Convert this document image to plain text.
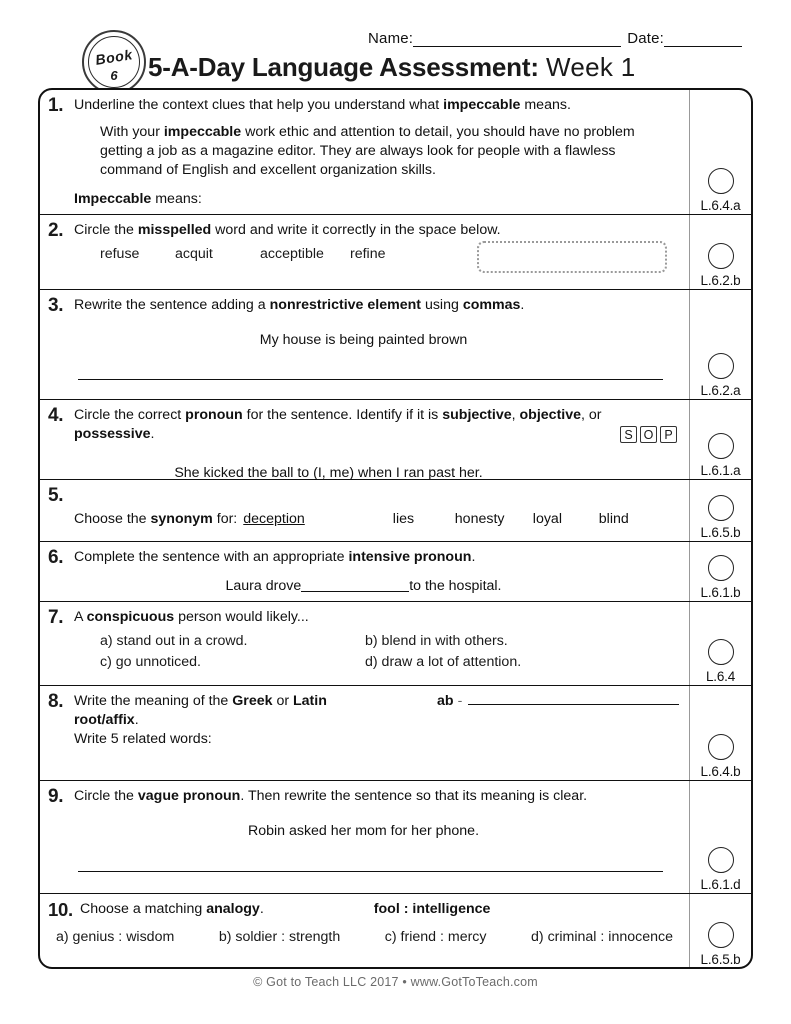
Name:	Date:
Book
6	5-A-Day Language Assessment: Week 1
1. Underline the context clues that help you understand what impeccable means.
With your impeccable work ethic and attention to detail, you should have no problem getting a job as a magazine editor. They are always look for people with a flawless command of English and excellent organization skills.
Impeccable means:	L.6.4.a
2. Circle the misspelled word and write it correctly in the space below.
refuse	acquit	acceptible	refine
L.6.2.b
3. Rewrite the sentence adding a nonrestrictive element using commas.
My house is being painted brown
L.6.2.a
4. Circle the correct pronoun for the sentence. Identify if it is subjective, objective, or possessive.
She kicked the ball to (I, me) when I ran past her.
S O P
L.6.1.a
5.
Choose the synonym for: deception	lies	honesty	loyal	blind
L.6.5.b
6. Complete the sentence with an appropriate intensive pronoun.
Laura drove	to the hospital.	L.6.1.b
7. A conspicuous person would likely...
a) stand out in a crowd.	b) blend in with others.
c) go unnoticed.	d) draw a lot of attention.
L.6.4
8. Write the meaning of the Greek or Latin root/affix.
ab -
Write 5 related words:
L.6.4.b
9. Circle the vague pronoun. Then rewrite the sentence so that its meaning is clear.
Robin asked her mom for her phone.
L.6.1.d
10. Choose a matching analogy.	fool : intelligence
a) genius : wisdom	b) soldier : strength	c) friend : mercy	d) criminal : innocence
L.6.5.b
© Got to Teach LLC 2017 • www.GotToTeach.com
